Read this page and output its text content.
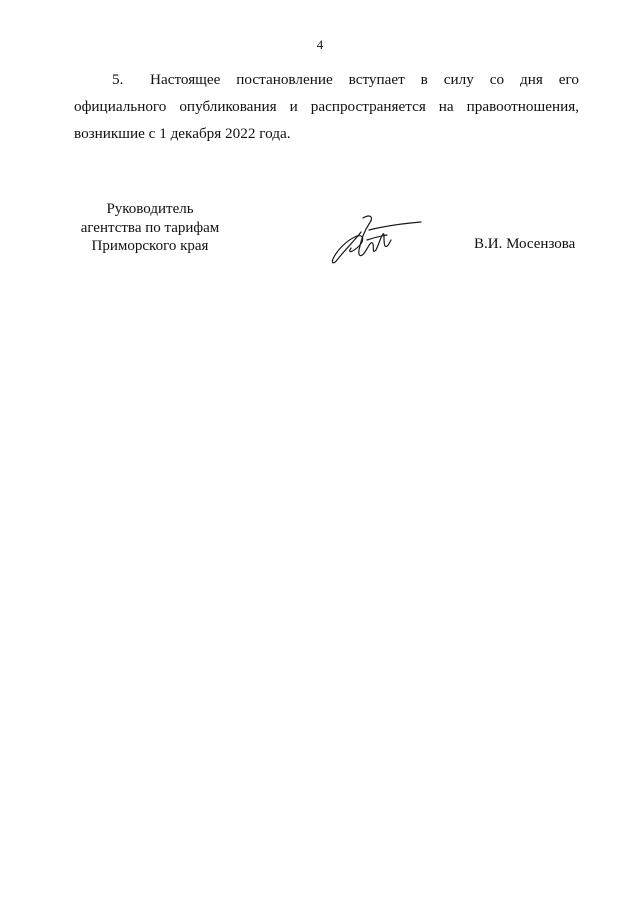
4
5. Настоящее постановление вступает в силу со дня его официального опубликования и распространяется на правоотношения, возникшие с 1 декабря 2022 года.
Руководитель
агентства по тарифам
Приморского края	В.И. Мосензова
